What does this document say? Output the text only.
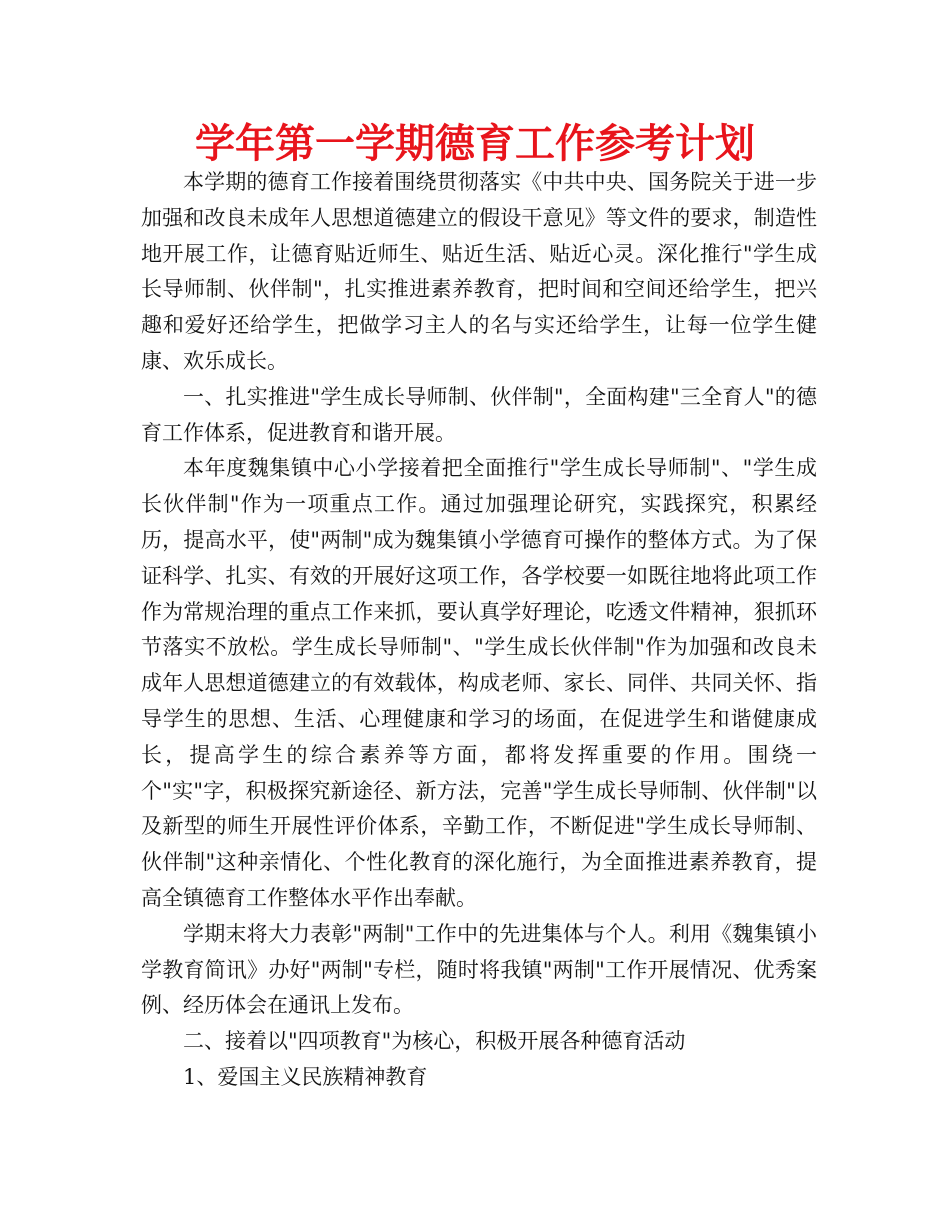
学年第一学期德育工作参考计划

本学期的德育工作接着围绕贯彻落实《中共中央、国务院关于进一步加强和改良未成年人思想道德建立的假设干意见》等文件的要求，制造性地开展工作，让德育贴近师生、贴近生活、贴近心灵。深化推行"学生成长导师制、伙伴制"，扎实推进素养教育，把时间和空间还给学生，把兴趣和爱好还给学生，把做学习主人的名与实还给学生，让每一位学生健康、欢乐成长。

一、扎实推进"学生成长导师制、伙伴制"，全面构建"三全育人"的德育工作体系，促进教育和谐开展。

本年度魏集镇中心小学接着把全面推行"学生成长导师制"、"学生成长伙伴制"作为一项重点工作。通过加强理论研究，实践探究，积累经历，提高水平，使"两制"成为魏集镇小学德育可操作的整体方式。为了保证科学、扎实、有效的开展好这项工作，各学校要一如既往地将此项工作作为常规治理的重点工作来抓，要认真学好理论，吃透文件精神，狠抓环节落实不放松。学生成长导师制"、"学生成长伙伴制"作为加强和改良未成年人思想道德建立的有效载体，构成老师、家长、同伴、共同关怀、指导学生的思想、生活、心理健康和学习的场面，在促进学生和谐健康成长，提高学生的综合素养等方面，都将发挥重要的作用。围绕一个"实"字，积极探究新途径、新方法，完善"学生成长导师制、伙伴制"以及新型的师生开展性评价体系，辛勤工作，不断促进"学生成长导师制、伙伴制"这种亲情化、个性化教育的深化施行，为全面推进素养教育，提高全镇德育工作整体水平作出奉献。

学期末将大力表彰"两制"工作中的先进集体与个人。利用《魏集镇小学教育简讯》办好"两制"专栏，随时将我镇"两制"工作开展情况、优秀案例、经历体会在通讯上发布。

二、接着以"四项教育"为核心，积极开展各种德育活动

1、爱国主义民族精神教育
